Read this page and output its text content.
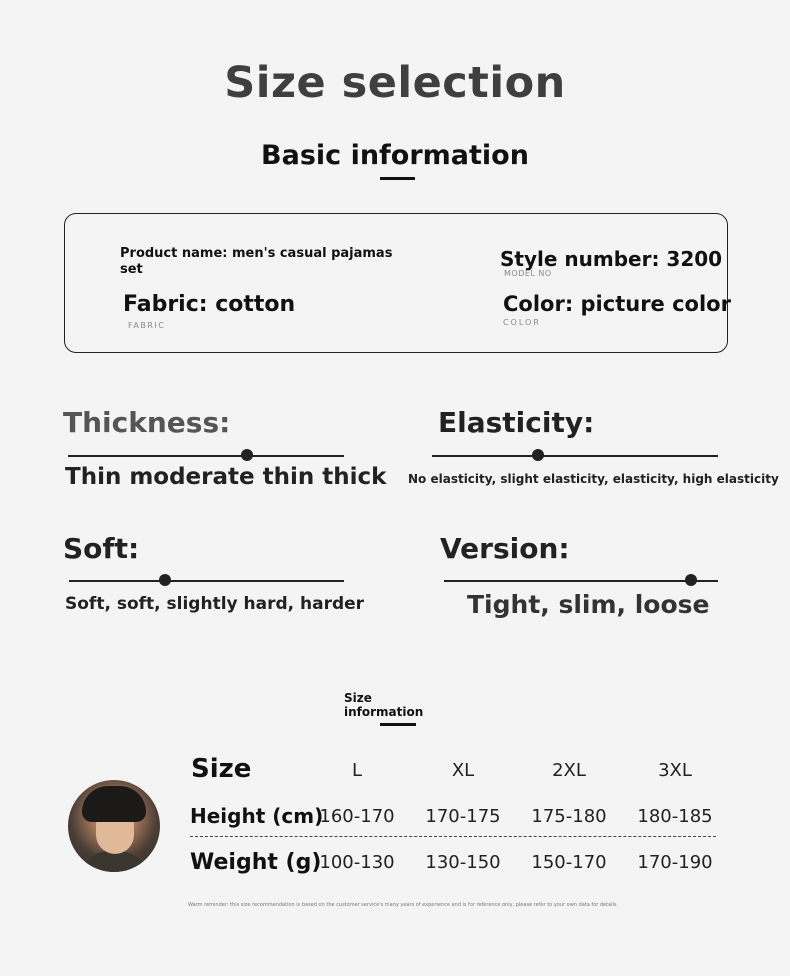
Size selection
Basic information
Product name: men's casual pajamas set
Fabric: cotton
FABRIC
Style number: 3200
MODEL NO
Color: picture color
COLOR
Thickness:
Thin moderate thin thick
Elasticity:
No elasticity, slight elasticity, elasticity, high elasticity
Soft:
Soft, soft, slightly hard, harder
Version:
Tight, slim, loose
Size information
Size	L	XL	2XL	3XL
Height (cm)
160-170	170-175	175-180	180-185
Weight (g)
100-130	130-150	150-170	170-190
Warm reminder: this size recommendation is based on the customer service's many years of experience and is for reference only, please refer to your own data for details.
